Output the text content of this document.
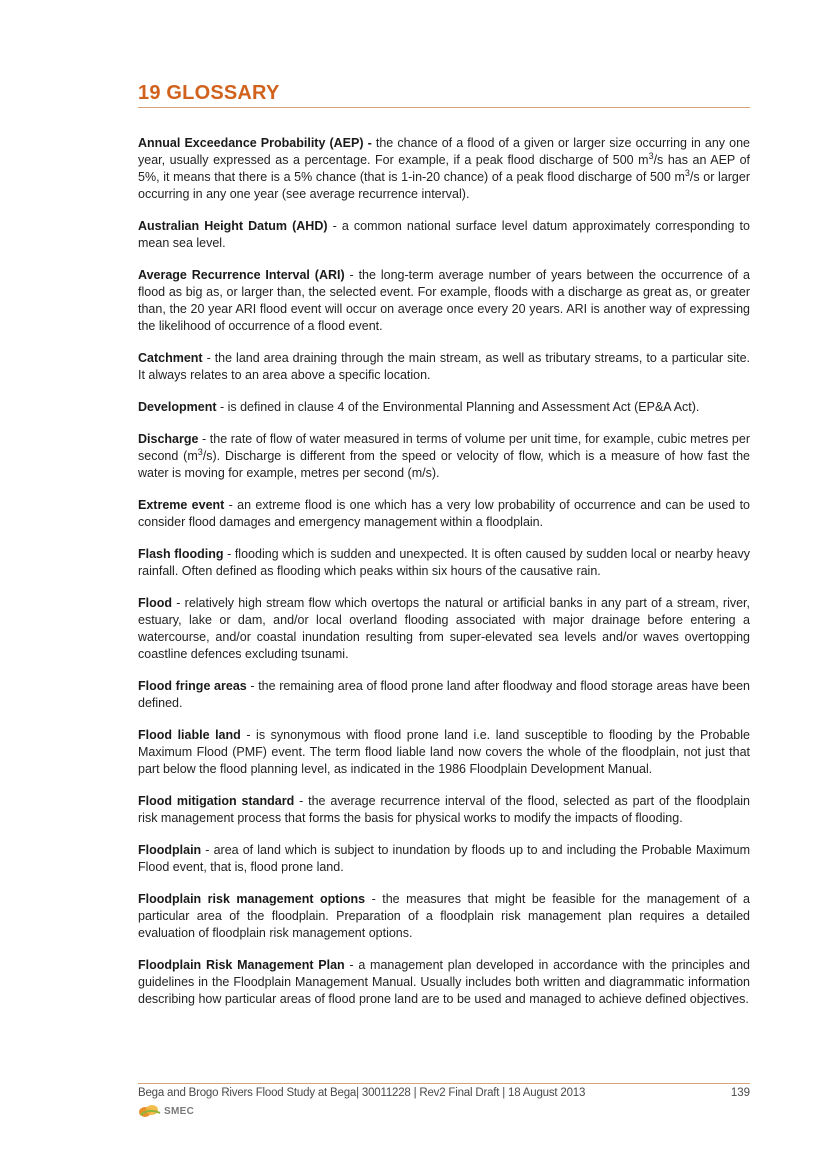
19 GLOSSARY

Annual Exceedance Probability (AEP) - the chance of a flood of a given or larger size occurring in any one year, usually expressed as a percentage. For example, if a peak flood discharge of 500 $m^3/s$ has an AEP of 5%, it means that there is a 5% chance (that is 1-in-20 chance) of a peak flood discharge of 500 $m^3/s$ or larger occurring in any one year (see average recurrence interval).

Australian Height Datum (AHD) - a common national surface level datum approximately corresponding to mean sea level.

Average Recurrence Interval (ARI) - the long-term average number of years between the occurrence of a flood as big as, or larger than, the selected event. For example, floods with a discharge as great as, or greater than, the 20 year ARI flood event will occur on average once every 20 years. ARI is another way of expressing the likelihood of occurrence of a flood event.

Catchment - the land area draining through the main stream, as well as tributary streams, to a particular site. It always relates to an area above a specific location.

Development - is defined in clause 4 of the Environmental Planning and Assessment Act (EP&A Act).

Discharge - the rate of flow of water measured in terms of volume per unit time, for example, cubic metres per second $(m^3/s)$. Discharge is different from the speed or velocity of flow, which is a measure of how fast the water is moving for example, metres per second (m/s).

Extreme event - an extreme flood is one which has a very low probability of occurrence and can be used to consider flood damages and emergency management within a floodplain.

Flash flooding - flooding which is sudden and unexpected. It is often caused by sudden local or nearby heavy rainfall. Often defined as flooding which peaks within six hours of the causative rain.

Flood - relatively high stream flow which overtops the natural or artificial banks in any part of a stream, river, estuary, lake or dam, and/or local overland flooding associated with major drainage before entering a watercourse, and/or coastal inundation resulting from super-elevated sea levels and/or waves overtopping coastline defences excluding tsunami.

Flood fringe areas - the remaining area of flood prone land after floodway and flood storage areas have been defined.

Flood liable land - is synonymous with flood prone land i.e. land susceptible to flooding by the Probable Maximum Flood (PMF) event. The term flood liable land now covers the whole of the floodplain, not just that part below the flood planning level, as indicated in the 1986 Floodplain Development Manual.

Flood mitigation standard - the average recurrence interval of the flood, selected as part of the floodplain risk management process that forms the basis for physical works to modify the impacts of flooding.

Floodplain - area of land which is subject to inundation by floods up to and including the Probable Maximum Flood event, that is, flood prone land.

Floodplain risk management options - the measures that might be feasible for the management of a particular area of the floodplain. Preparation of a floodplain risk management plan requires a detailed evaluation of floodplain risk management options.

Floodplain Risk Management Plan - a management plan developed in accordance with the principles and guidelines in the Floodplain Management Manual. Usually includes both written and diagrammatic information describing how particular areas of flood prone land are to be used and managed to achieve defined objectives.

Bega and Brogo Rivers Flood Study at Bega| 30011228 | Rev2 Final Draft | 18 August 2013	139
SMEC
